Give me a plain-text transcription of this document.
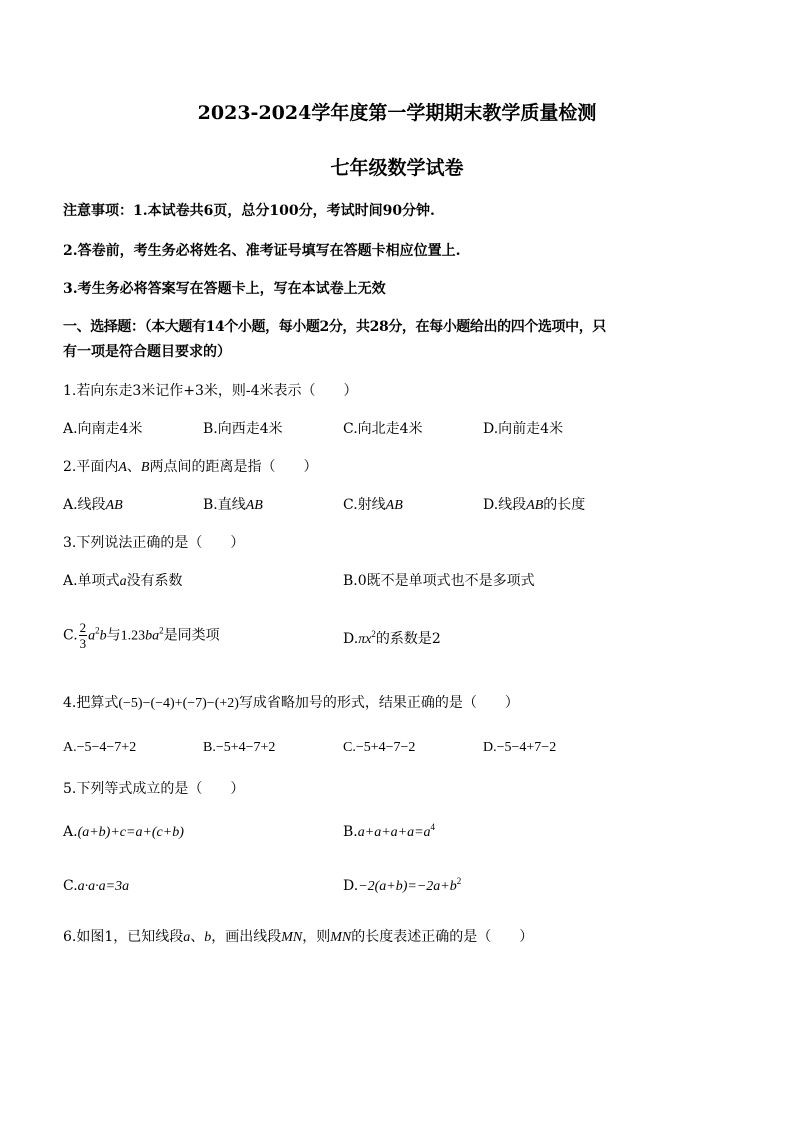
2023-2024学年度第一学期期末教学质量检测
七年级数学试卷
注意事项：1.本试卷共6页，总分100分，考试时间90分钟.
2.答卷前，考生务必将姓名、准考证号填写在答题卡相应位置上.
3.考生务必将答案写在答题卡上，写在本试卷上无效
一、选择题：（本大题有14个小题，每小题2分，共28分，在每小题给出的四个选项中，只
有一项是符合题目要求的）
1.若向东走3米记作+3米，则-4米表示（　　）
A.向南走4米	B.向西走4米	C.向北走4米	D.向前走4米
2.平面内A、B两点间的距离是指（　　）
A.线段AB	B.直线AB	C.射线AB	D.线段AB的长度
3.下列说法正确的是（　　）
A.单项式a没有系数	B.0既不是单项式也不是多项式
C. $\frac{2}{3} a^2b$与$1.23ba^2$是同类项	$D.\pi x^2$的系数是2
4.把算式(−5)−(−4)+(−7)−(+2)写成省略加号的形式，结果正确的是（　　）
A.−5−4−7+2	B.−5+4−7+2	C.−5+4−7−2	D.−5−4+7−2
5.下列等式成立的是（　　）
A.(a+b)+c=a+(c+b)	$B.a+a+a+a=a^4$
C.a·a·a=3a	$D.-2(a+b)=-2a+b^2$
6.如图1，已知线段a、b，画出线段MN，则MN的长度表述正确的是（　　）
